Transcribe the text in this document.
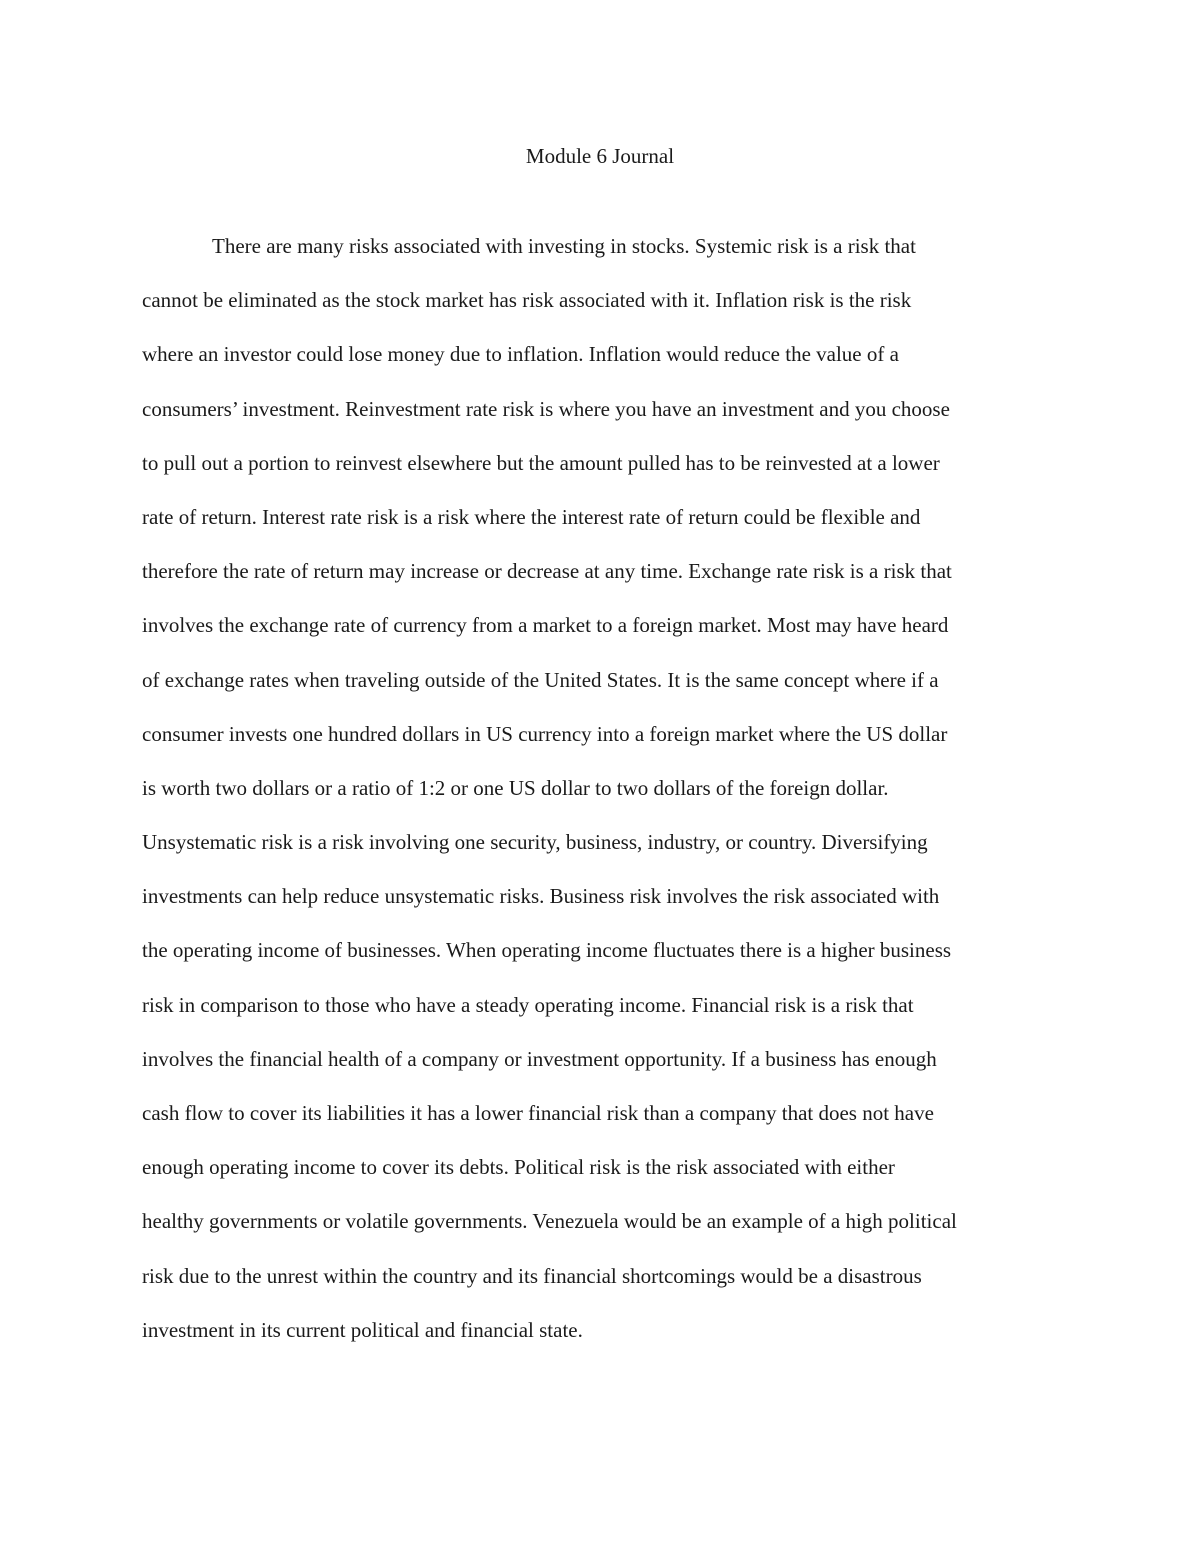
Module 6 Journal
There are many risks associated with investing in stocks. Systemic risk is a risk that
cannot be eliminated as the stock market has risk associated with it. Inflation risk is the risk
where an investor could lose money due to inflation. Inflation would reduce the value of a
consumers’ investment. Reinvestment rate risk is where you have an investment and you choose
to pull out a portion to reinvest elsewhere but the amount pulled has to be reinvested at a lower
rate of return. Interest rate risk is a risk where the interest rate of return could be flexible and
therefore the rate of return may increase or decrease at any time. Exchange rate risk is a risk that
involves the exchange rate of currency from a market to a foreign market. Most may have heard
of exchange rates when traveling outside of the United States. It is the same concept where if a
consumer invests one hundred dollars in US currency into a foreign market where the US dollar
is worth two dollars or a ratio of 1:2 or one US dollar to two dollars of the foreign dollar.
Unsystematic risk is a risk involving one security, business, industry, or country. Diversifying
investments can help reduce unsystematic risks. Business risk involves the risk associated with
the operating income of businesses. When operating income fluctuates there is a higher business
risk in comparison to those who have a steady operating income. Financial risk is a risk that
involves the financial health of a company or investment opportunity. If a business has enough
cash flow to cover its liabilities it has a lower financial risk than a company that does not have
enough operating income to cover its debts. Political risk is the risk associated with either
healthy governments or volatile governments. Venezuela would be an example of a high political
risk due to the unrest within the country and its financial shortcomings would be a disastrous
investment in its current political and financial state.
